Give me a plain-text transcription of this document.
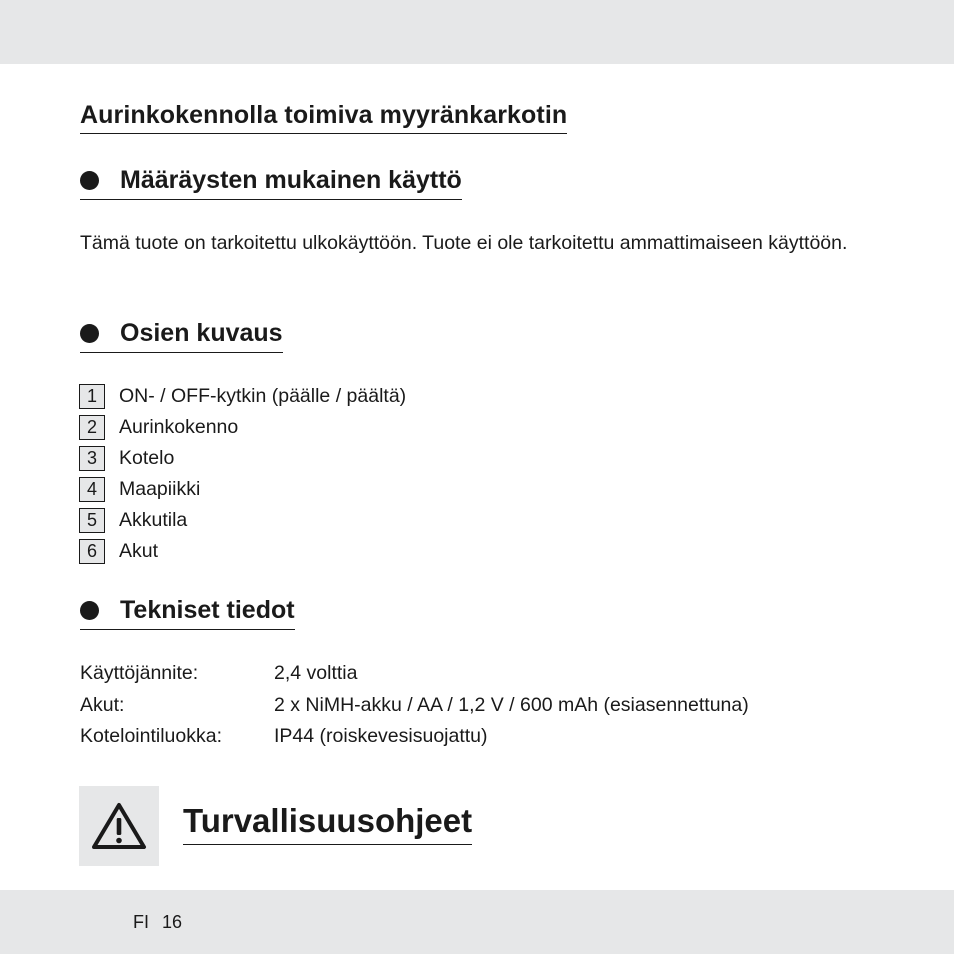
Aurinkokennolla toimiva myyränkarkotin
Määräysten mukainen käyttö
Tämä tuote on tarkoitettu ulkokäyttöön. Tuote ei ole tarkoitettu ammattimaiseen käyttöön.
Osien kuvaus
1	ON- / OFF-kytkin (päälle / päältä)
2	Aurinkokenno
3	Kotelo
4	Maapiikki
5	Akkutila
6	Akut
Tekniset tiedot
Käyttöjännite:	2,4 volttia
Akut:	2 x NiMH-akku / AA / 1,2 V / 600 mAh (esiasennettuna)
Kotelointiluokka:	IP44 (roiskevesisuojattu)
Turvallisuusohjeet
FI 16
